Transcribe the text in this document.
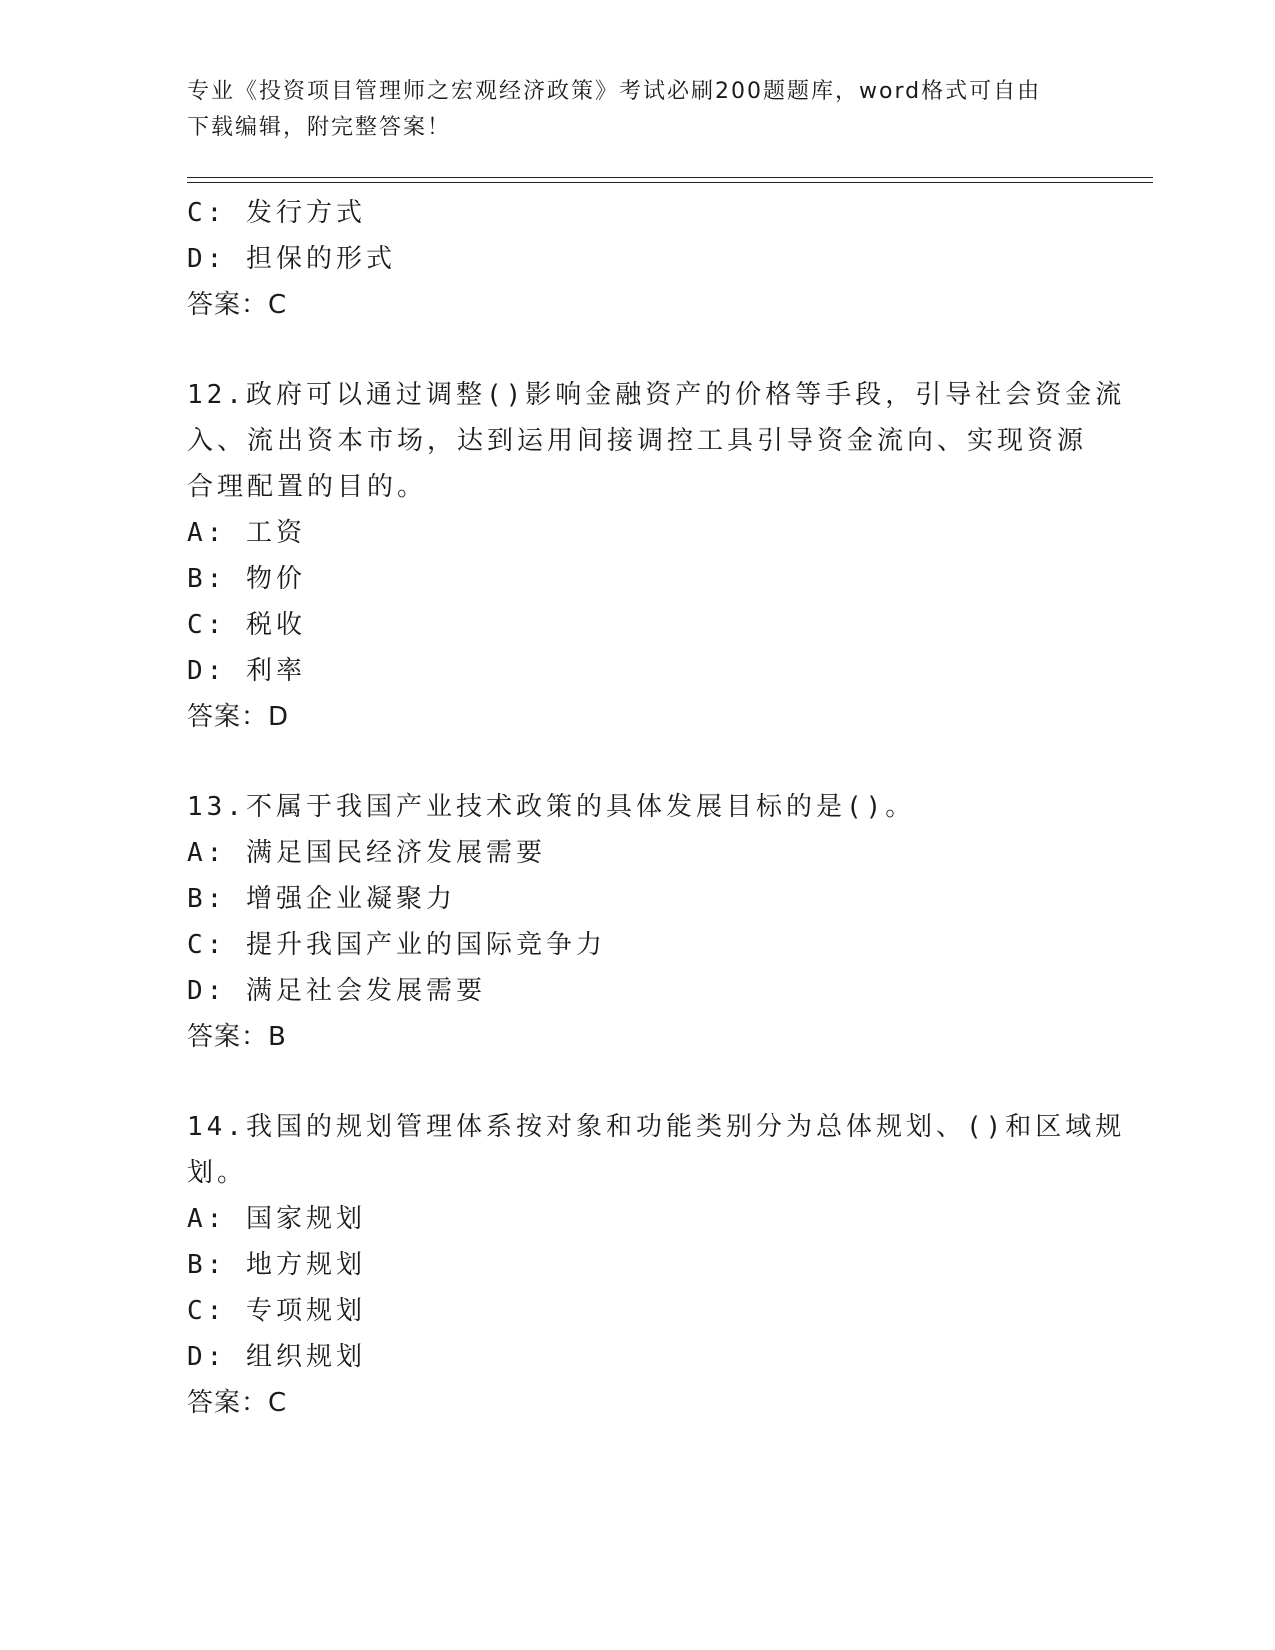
专业《投资项目管理师之宏观经济政策》考试必刷200题题库，word格式可自由
下载编辑，附完整答案！
C: 发行方式
D: 担保的形式
答案：C
12.政府可以通过调整()影响金融资产的价格等手段，引导社会资金流
入、流出资本市场，达到运用间接调控工具引导资金流向、实现资源
合理配置的目的。
A: 工资
B: 物价
C: 税收
D: 利率
答案：D
13.不属于我国产业技术政策的具体发展目标的是()。
A: 满足国民经济发展需要
B: 增强企业凝聚力
C: 提升我国产业的国际竞争力
D: 满足社会发展需要
答案：B
14.我国的规划管理体系按对象和功能类别分为总体规划、()和区域规
划。
A: 国家规划
B: 地方规划
C: 专项规划
D: 组织规划
答案：C
